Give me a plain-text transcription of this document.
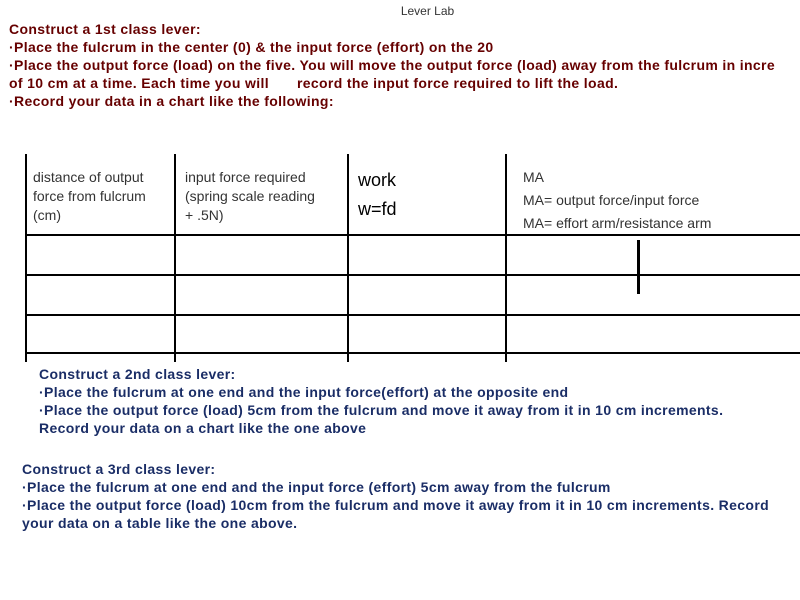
Lever Lab
Construct a 1st class lever:
·Place the fulcrum in the center (0) & the input force (effort) on the 20
·Place the output force (load) on the five. You will move the output force (load) away from the fulcrum in incre
of 10 cm at a time. Each time you will record the input force required to lift the load.
·Record your data in a chart like the following:
distance of output
force from fulcrum
(cm)
input force required
(spring scale reading
+ .5N)
work
w=fd
MA
MA= output force/input force
MA= effort arm/resistance arm
Construct a 2nd class lever:
·Place the fulcrum at one end and the input force(effort) at the opposite end
·Place the output force (load) 5cm from the fulcrum and move it away from it in 10 cm increments.
Record your data on a chart like the one above
Construct a 3rd class lever:
·Place the fulcrum at one end and the input force (effort) 5cm away from the fulcrum
·Place the output force (load) 10cm from the fulcrum and move it away from it in 10 cm increments. Record your data on a table like the one above.
